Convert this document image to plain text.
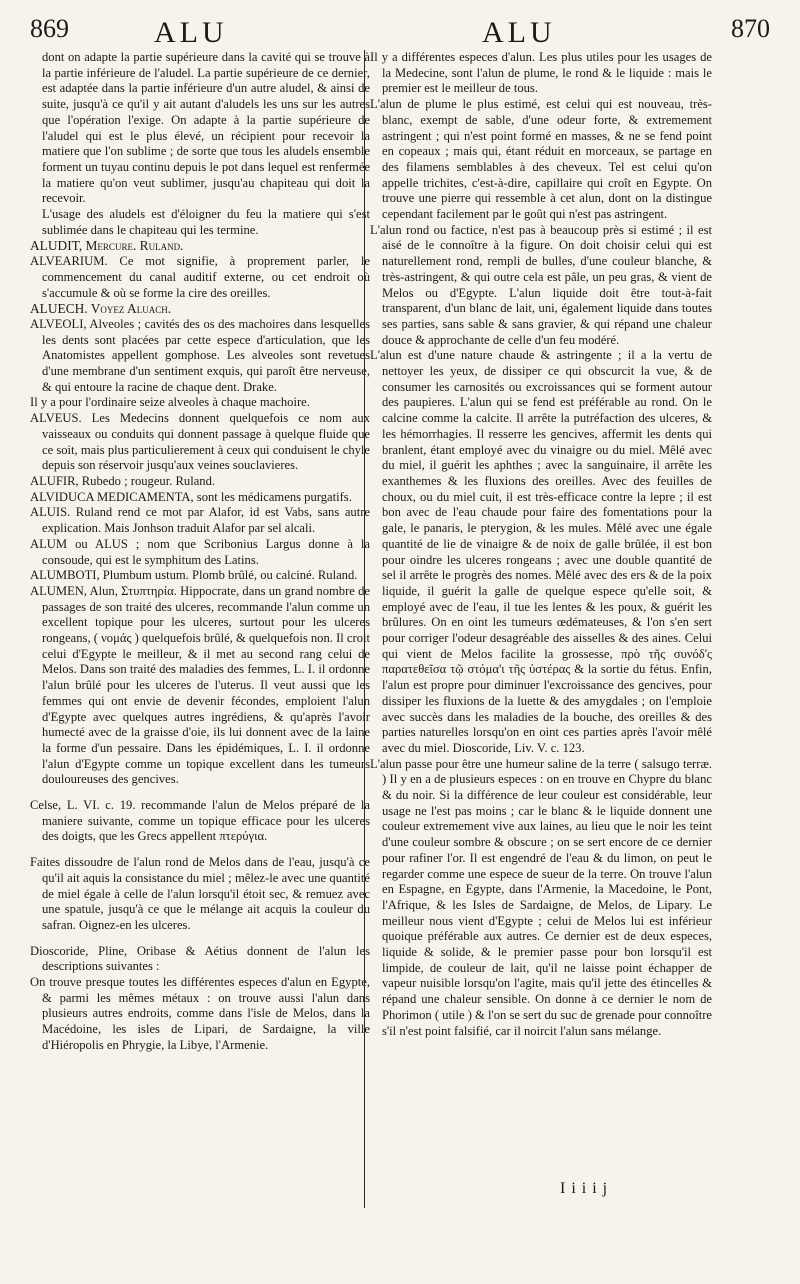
869	ALU	ALU	870

dont on adapte la partie supérieure dans la cavité qui se trouve à la partie inférieure de l'aludel. La partie supérieure de ce dernier, est adaptée dans la partie inférieure d'un autre aludel, & ainsi de suite, jusqu'à ce qu'il y ait autant d'aludels les uns sur les autres que l'opération l'exige. On adapte à la partie supérieure de l'aludel qui est le plus élevé, un récipient pour recevoir la matiere que l'on sublime ; de sorte que tous les aludels ensemble forment un tuyau continu depuis le pot dans lequel est renfermée la matiere qu'on veut sublimer, jusqu'au chapiteau qui doit la recevoir.

L'usage des aludels est d'éloigner du feu la matiere qui s'est sublimée dans le chapiteau qui les termine.

ALUDIT, Mercure. Ruland.

ALVEARIUM. Ce mot signifie, à proprement parler, le commencement du canal auditif externe, ou cet endroit où s'accumule & où se forme la cire des oreilles.

ALUECH. Voyez Aluach.

ALVEOLI, Alveoles ; cavités des os des machoires dans lesquelles les dents sont placées par cette espece d'articulation, que les Anatomistes appellent gomphose. Les alveoles sont revetues d'une membrane d'un sentiment exquis, qui paroît être nerveuse, & qui entoure la racine de chaque dent. Drake.

Il y a pour l'ordinaire seize alveoles à chaque machoire.

ALVEUS. Les Medecins donnent quelquefois ce nom aux vaisseaux ou conduits qui donnent passage à quelque fluide que ce soit, mais plus particulierement à ceux qui conduisent le chyle depuis son réservoir jusqu'aux veines souclavieres.

ALUFIR, Rubedo ; rougeur. Ruland.

ALVIDUCA MEDICAMENTA, sont les médicamens purgatifs.

ALUIS. Ruland rend ce mot par Alafor, id est Vabs, sans autre explication. Mais Jonhson traduit Alafor par sel alcali.

ALUM ou ALUS ; nom que Scribonius Largus donne à la consoude, qui est le symphitum des Latins.

ALUMBOTI, Plumbum ustum. Plomb brûlé, ou calciné. Ruland.

ALUMEN, Alun, Στυπτηρία. Hippocrate, dans un grand nombre de passages de son traité des ulceres, recommande l'alun comme un excellent topique pour les ulceres, surtout pour les ulceres rongeans, ( νομάς ) quelquefois brûlé, & quelquefois non. Il croit celui d'Egypte le meilleur, & il met au second rang celui de Melos. Dans son traité des maladies des femmes, L. I. il ordonne l'alun brûlé pour les ulceres de l'uterus. Il veut aussi que les femmes qui ont envie de devenir fécondes, emploient l'alun d'Egypte avec quelques autres ingrédiens, & qu'après l'avoir humecté avec de la graisse d'oie, ils lui donnent avec de la laine la forme d'un pessaire. Dans les épidémiques, L. I. il ordonne l'alun d'Egypte comme un topique excellent dans les tumeurs douloureuses des gencives.

Celse, L. VI. c. 19. recommande l'alun de Melos préparé de la maniere suivante, comme un topique efficace pour les ulceres des doigts, que les Grecs appellent πτερύγια.

Faites dissoudre de l'alun rond de Melos dans de l'eau, jusqu'à ce qu'il ait aquis la consistance du miel ; mêlez-le avec une quantité de miel égale à celle de l'alun lorsqu'il étoit sec, & remuez avec une spatule, jusqu'à ce que le mélange ait acquis la couleur du safran. Oignez-en les ulceres.

Dioscoride, Pline, Oribase & Aétius donnent de l'alun les descriptions suivantes :

On trouve presque toutes les différentes especes d'alun en Egypte, & parmi les mêmes métaux : on trouve aussi l'alun dans plusieurs autres endroits, comme dans l'isle de Melos, dans la Macédoine, les isles de Lipari, de Sardaigne, la ville d'Hiéropolis en Phrygie, la Libye, l'Armenie.

Il y a différentes especes d'alun. Les plus utiles pour les usages de la Medecine, sont l'alun de plume, le rond & le liquide : mais le premier est le meilleur de tous.

L'alun de plume le plus estimé, est celui qui est nouveau, très-blanc, exempt de sable, d'une odeur forte, & extremement astringent ; qui n'est point formé en masses, & ne se fend point en copeaux ; mais qui, étant réduit en morceaux, se partage en des filamens semblables à des cheveux. Tel est celui qu'on appelle trichites, c'est-à-dire, capillaire qui croît en Egypte. On trouve une pierre qui ressemble à cet alun, dont on la distingue cependant facilement par le goût qui n'est pas astringent.

L'alun rond ou factice, n'est pas à beaucoup près si estimé ; il est aisé de le connoître à la figure. On doit choisir celui qui est naturellement rond, rempli de bulles, d'une couleur blanche, & très-astringent, & qui outre cela est pâle, un peu gras, & vient de Melos ou d'Egypte. L'alun liquide doit être tout-à-fait transparent, d'un blanc de lait, uni, également liquide dans toutes ses parties, sans sable & sans gravier, & qui répand une chaleur douce & approchante de celle d'un feu modéré.

L'alun est d'une nature chaude & astringente ; il a la vertu de nettoyer les yeux, de dissiper ce qui obscurcit la vue, & de consumer les carnosités ou excroissances qui se forment autour des paupieres. L'alun qui se fend est préférable au rond. On le calcine comme la calcite. Il arrête la putréfaction des ulceres, & les hémorrhagies. Il resserre les gencives, affermit les dents qui branlent, étant employé avec du vinaigre ou du miel. Mêlé avec du miel, il guérit les aphthes ; avec la sanguinaire, il arrête les exanthemes & les fluxions des oreilles. Avec des feuilles de choux, ou du miel cuit, il est très-efficace contre la lepre ; il est bon avec de l'eau chaude pour faire des fomentations pour la gale, le panaris, le pterygion, & les mules. Mêlé avec une égale quantité de lie de vinaigre & de noix de galle brûlée, il est bon pour oindre les ulceres rongeans ; avec une double quantité de sel il arrête le progrès des nomes. Mêlé avec des ers & de la poix liquide, il guérit la galle de quelque espece qu'elle soit, & employé avec de l'eau, il tue les lentes & les poux, & guérit les brûlures. On en oint les tumeurs œdémateuses, & l'on s'en sert pour corriger l'odeur desagréable des aisselles & des aines. Celui qui vient de Melos facilite la grossesse, πρὸ τῆς συνόδ'ς παρατεθεῖσα τῷ στόμα'ι τῆς ὑστέρας & la sortie du fétus. Enfin, l'alun est propre pour diminuer l'excroissance des gencives, pour dissiper les fluxions de la luette & des amygdales ; on l'emploie avec succès dans les maladies de la bouche, des oreilles & des parties naturelles lorsqu'on en oint ces parties après l'avoir mêlé avec du miel. Dioscoride, Liv. V. c. 123.

L'alun passe pour être une humeur saline de la terre ( salsugo terræ. ) Il y en a de plusieurs especes : on en trouve en Chypre du blanc & du noir. Si la différence de leur couleur est considérable, leur usage ne l'est pas moins ; car le blanc & le liquide donnent une couleur extremement vive aux laines, au lieu que le noir les teint d'une couleur sombre & obscure ; on se sert encore de ce dernier pour rafiner l'or. Il est engendré de l'eau & du limon, on peut le regarder comme une espece de sueur de la terre. On trouve l'alun en Espagne, en Egypte, dans l'Armenie, la Macedoine, le Pont, l'Afrique, & les Isles de Sardaigne, de Melos, de Lipary. Le meilleur nous vient d'Egypte ; celui de Melos lui est inférieur quoique préférable aux autres. Ce dernier est de deux especes, liquide & solide, & le premier passe pour bon lorsqu'il est limpide, de couleur de lait, qu'il ne laisse point échapper de vapeur nuisible lorsqu'on l'agite, mais qu'il jette des étincelles & répand une chaleur sensible. On donne à ce dernier le nom de Phorimon ( utile ) & l'on se sert du suc de grenade pour connoître s'il n'est point falsifié, car il noircit l'alun sans mélange.

I i i i j
